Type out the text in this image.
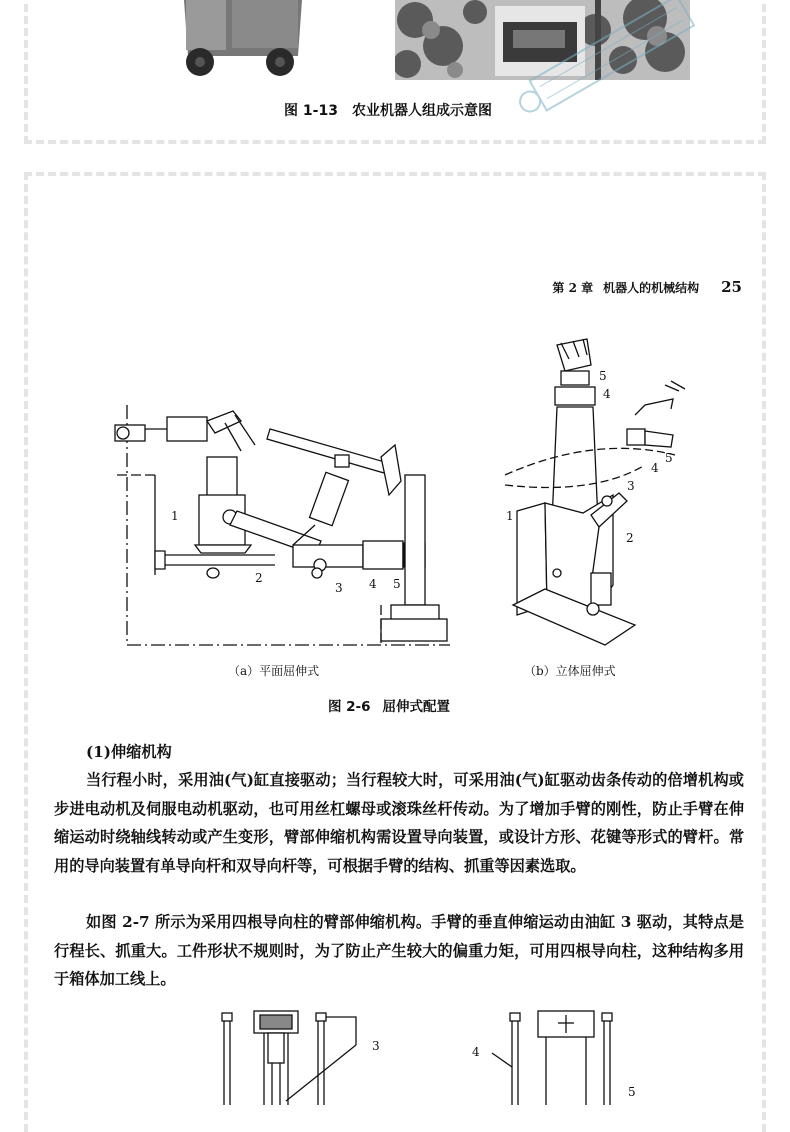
图 1-13 农业机器人组成示意图
第 2 章 机器人的机械结构 25
1
2
3 4 5
5
4
3
1
2
4
5
（a）平面屈伸式	（b）立体屈伸式
图 2-6 屈伸式配置
(1)伸缩机构
当行程小时，采用油(气)缸直接驱动；当行程较大时，可采用油(气)缸驱动齿条传动的倍增机构或步进电动机及伺服电动机驱动，也可用丝杠螺母或滚珠丝杆传动。为了增加手臂的刚性，防止手臂在伸缩运动时绕轴线转动或产生变形，臂部伸缩机构需设置导向装置，或设计方形、花键等形式的臂杆。常用的导向装置有单导向杆和双导向杆等，可根据手臂的结构、抓重等因素选取。
如图 2-7 所示为采用四根导向柱的臂部伸缩机构。手臂的垂直伸缩运动由油缸 3 驱动，其特点是行程长、抓重大。工件形状不规则时，为了防止产生较大的偏重力矩，可用四根导向柱，这种结构多用于箱体加工线上。
3	4
5
